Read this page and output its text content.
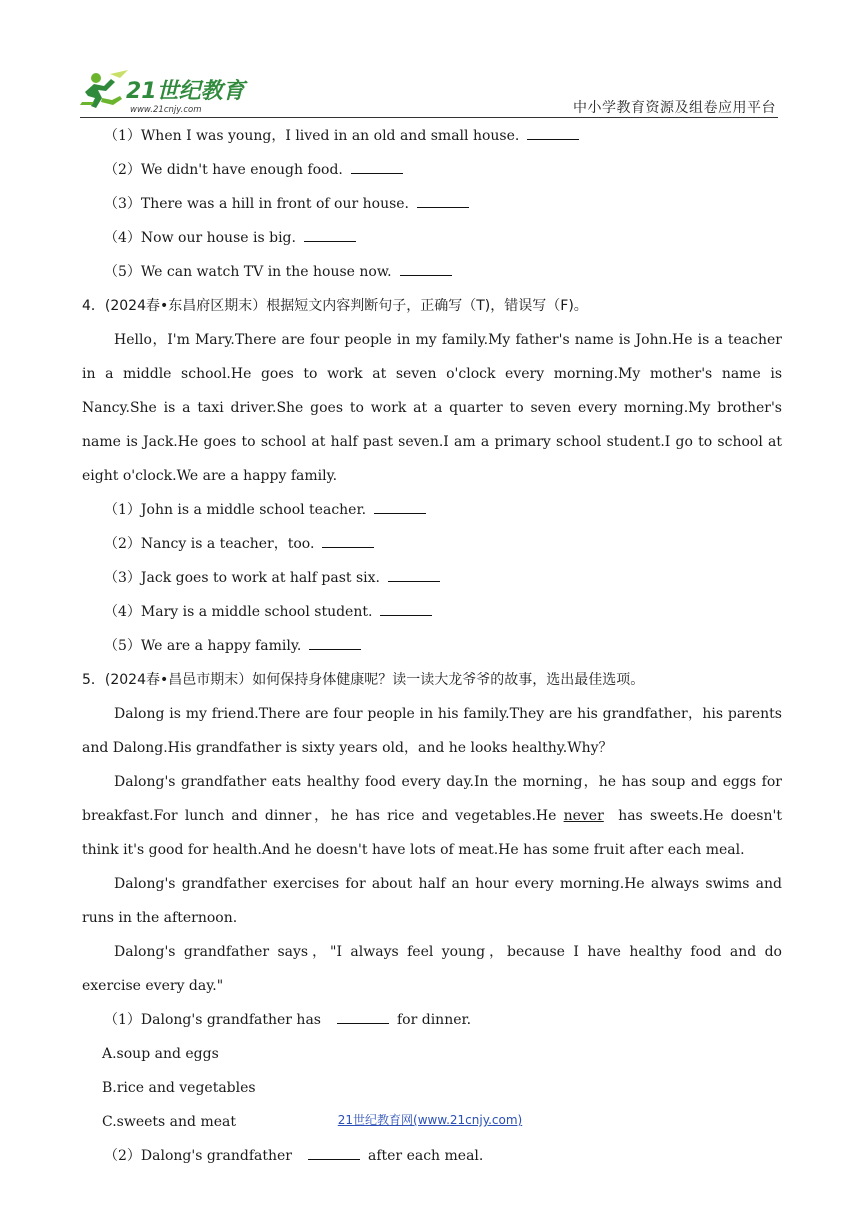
21世纪教育
www.21cnjy.com	中小学教育资源及组卷应用平台
（1）When I was young，I lived in an old and small house.
（2）We didn't have enough food.
（3）There was a hill in front of our house.
（4）Now our house is big.
（5）We can watch TV in the house now.
4．(2024春•东昌府区期末）根据短文内容判断句子，正确写（T)，错误写（F)。
Hello，I'm Mary.There are four people in my family.My father's name is John.He is a teacher in a middle school.He goes to work at seven o'clock every morning.My mother's name is Nancy.She is a taxi driver.She goes to work at a quarter to seven every morning.My brother's name is Jack.He goes to school at half past seven.I am a primary school student.I go to school at eight o'clock.We are a happy family.
（1）John is a middle school teacher.
（2）Nancy is a teacher，too.
（3）Jack goes to work at half past six.
（4）Mary is a middle school student.
（5）We are a happy family.
5．(2024春•昌邑市期末）如何保持身体健康呢？读一读大龙爷爷的故事，选出最佳选项。
Dalong is my friend.There are four people in his family.They are his grandfather，his parents and Dalong.His grandfather is sixty years old，and he looks healthy.Why？
Dalong's grandfather eats healthy food every day.In the morning，he has soup and eggs for breakfast.For lunch and dinner，he has rice and vegetables.He never  has sweets.He doesn't think it's good for health.And he doesn't have lots of meat.He has some fruit after each meal.
Dalong's grandfather exercises for about half an hour every morning.He always swims and runs in the afternoon.
Dalong's grandfather says，"I always feel young，because I have healthy food and do exercise every day."
（1）Dalong's grandfather has	for dinner.
A.soup and eggs
B.rice and vegetables
C.sweets and meat
（2）Dalong's grandfather	after each meal.
21世纪教育网(www.21cnjy.com)
